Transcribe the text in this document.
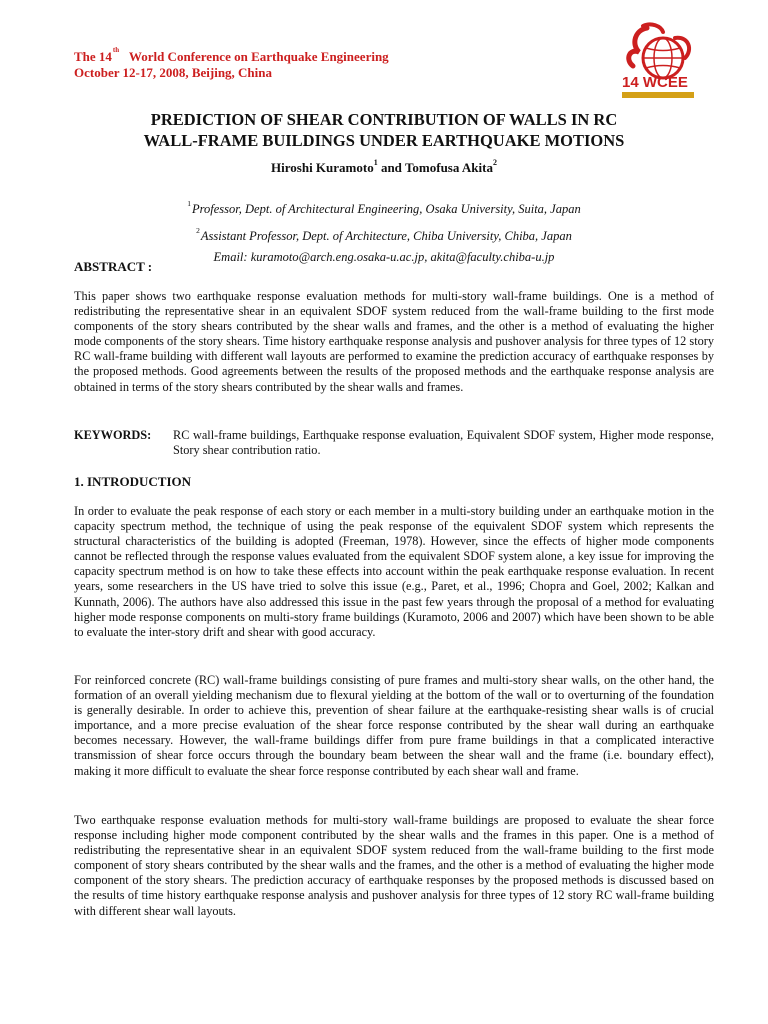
The 14th World Conference on Earthquake Engineering
October 12-17, 2008, Beijing, China
14 WCEE
PREDICTION OF SHEAR CONTRIBUTION OF WALLS IN RC
WALL-FRAME BUILDINGS UNDER EARTHQUAKE MOTIONS
Hiroshi Kuramoto$^1$ and Tomofusa Akita$^2$
$^1$Professor, Dept. of Architectural Engineering, Osaka University, Suita, Japan
$^2$Assistant Professor, Dept. of Architecture, Chiba University, Chiba, Japan
Email: kuramoto@arch.eng.osaka-u.ac.jp, akita@faculty.chiba-u.jp
ABSTRACT :
This paper shows two earthquake response evaluation methods for multi-story wall-frame buildings. One is a method of redistributing the representative shear in an equivalent SDOF system reduced from the wall-frame building to the first mode components of the story shears contributed by the shear walls and frames, and the other is a method of evaluating the higher mode components of the story shears. Time history earthquake response analysis and pushover analysis for three types of 12 story RC wall-frame building with different wall layouts are performed to examine the prediction accuracy of earthquake responses by the proposed methods. Good agreements between the results of the proposed methods and the earthquake response analysis are obtained in terms of the story shears contributed by the shear walls and frames.
KEYWORDS: RC wall-frame buildings, Earthquake response evaluation, Equivalent SDOF system, Higher mode response, Story shear contribution ratio.
1. INTRODUCTION
In order to evaluate the peak response of each story or each member in a multi-story building under an earthquake motion in the capacity spectrum method, the technique of using the peak response of the equivalent SDOF system which represents the structural characteristics of the building is adopted (Freeman, 1978). However, since the effects of higher mode components cannot be reflected through the response values evaluated from the equivalent SDOF system alone, a key issue for improving the capacity spectrum method is on how to take these effects into account within the peak earthquake response evaluation. In recent years, some researchers in the US have tried to solve this issue (e.g., Paret, et al., 1996; Chopra and Goel, 2002; Kalkan and Kunnath, 2006). The authors have also addressed this issue in the past few years through the proposal of a method for evaluating higher mode response components on multi-story frame buildings (Kuramoto, 2006 and 2007) which have been shown to be able to evaluate the inter-story drift and shear with good accuracy.
For reinforced concrete (RC) wall-frame buildings consisting of pure frames and multi-story shear walls, on the other hand, the formation of an overall yielding mechanism due to flexural yielding at the bottom of the wall or to overturning of the foundation is generally desirable. In order to achieve this, prevention of shear failure at the earthquake-resisting shear walls is of crucial importance, and a more precise evaluation of the shear force response contributed by the shear wall during an earthquake becomes necessary. However, the wall-frame buildings differ from pure frame buildings in that a complicated interactive transmission of shear force occurs through the boundary beam between the shear wall and the frame (i.e. boundary effect), making it more difficult to evaluate the shear force response contributed by each shear wall and frame.
Two earthquake response evaluation methods for multi-story wall-frame buildings are proposed to evaluate the shear force response including higher mode component contributed by the shear walls and the frames in this paper. One is a method of redistributing the representative shear in an equivalent SDOF system reduced from the wall-frame building to the first mode component of story shears contributed by the shear walls and the frames, and the other is a method of evaluating the higher mode component of the story shears. The prediction accuracy of earthquake responses by the proposed methods is discussed based on the results of time history earthquake response analysis and pushover analysis for three types of 12 story RC wall-frame building with different shear wall layouts.
